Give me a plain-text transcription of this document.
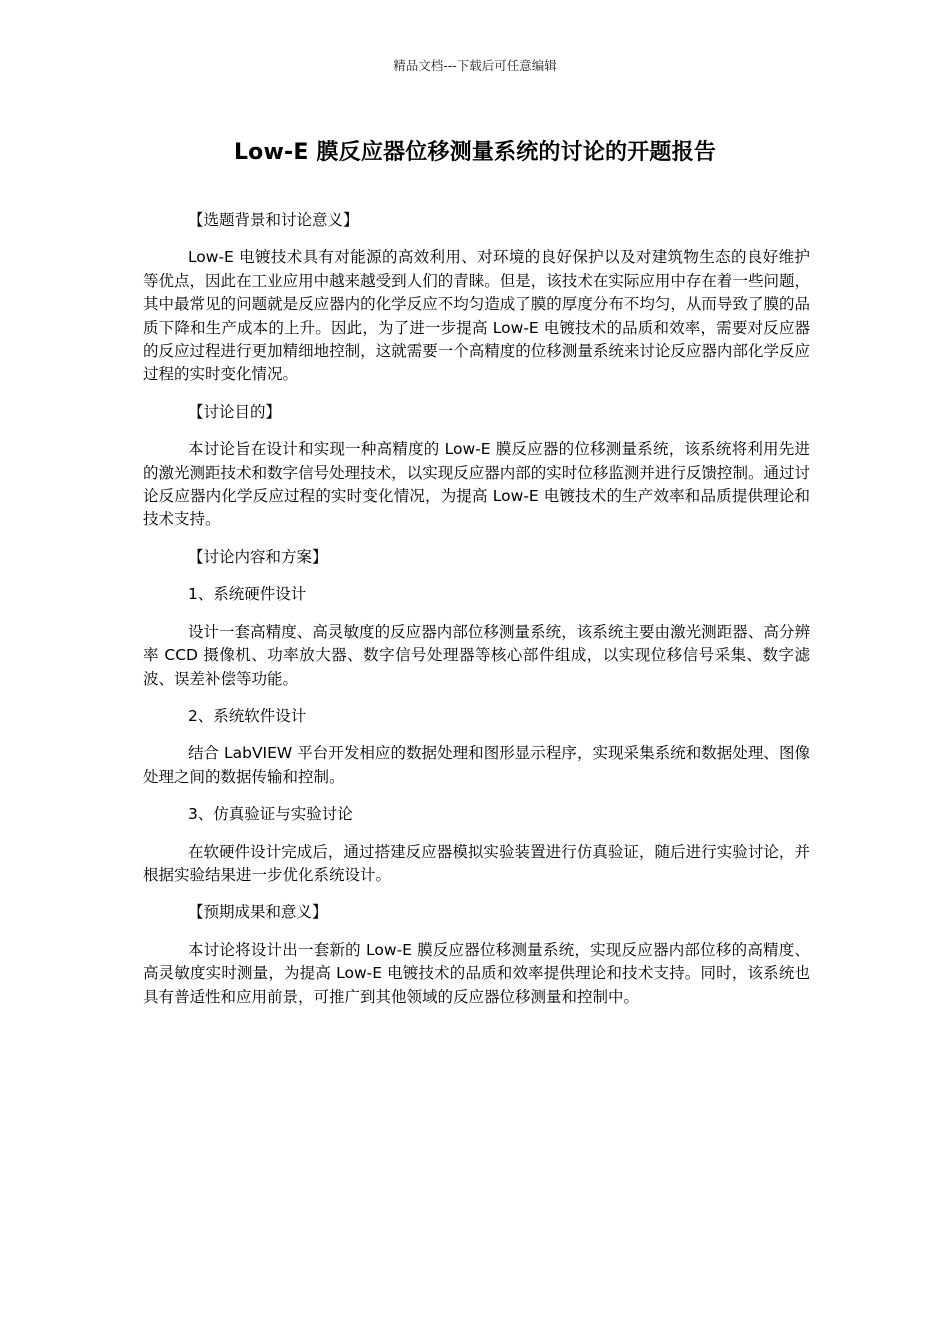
精品文档---下载后可任意编辑
Low-E 膜反应器位移测量系统的讨论的开题报告
【选题背景和讨论意义】
Low-E 电镀技术具有对能源的高效利用、对环境的良好保护以及对建筑物生态的良好维护等优点，因此在工业应用中越来越受到人们的青睐。但是，该技术在实际应用中存在着一些问题，其中最常见的问题就是反应器内的化学反应不均匀造成了膜的厚度分布不均匀，从而导致了膜的品质下降和生产成本的上升。因此，为了进一步提高 Low-E 电镀技术的品质和效率，需要对反应器的反应过程进行更加精细地控制，这就需要一个高精度的位移测量系统来讨论反应器内部化学反应过程的实时变化情况。
【讨论目的】
本讨论旨在设计和实现一种高精度的 Low-E 膜反应器的位移测量系统，该系统将利用先进的激光测距技术和数字信号处理技术，以实现反应器内部的实时位移监测并进行反馈控制。通过讨论反应器内化学反应过程的实时变化情况，为提高 Low-E 电镀技术的生产效率和品质提供理论和技术支持。
【讨论内容和方案】
1、系统硬件设计
设计一套高精度、高灵敏度的反应器内部位移测量系统，该系统主要由激光测距器、高分辨率 CCD 摄像机、功率放大器、数字信号处理器等核心部件组成，以实现位移信号采集、数字滤波、误差补偿等功能。
2、系统软件设计
结合 LabVIEW 平台开发相应的数据处理和图形显示程序，实现采集系统和数据处理、图像处理之间的数据传输和控制。
3、仿真验证与实验讨论
在软硬件设计完成后，通过搭建反应器模拟实验装置进行仿真验证，随后进行实验讨论，并根据实验结果进一步优化系统设计。
【预期成果和意义】
本讨论将设计出一套新的 Low-E 膜反应器位移测量系统，实现反应器内部位移的高精度、高灵敏度实时测量，为提高 Low-E 电镀技术的品质和效率提供理论和技术支持。同时，该系统也具有普适性和应用前景，可推广到其他领域的反应器位移测量和控制中。
